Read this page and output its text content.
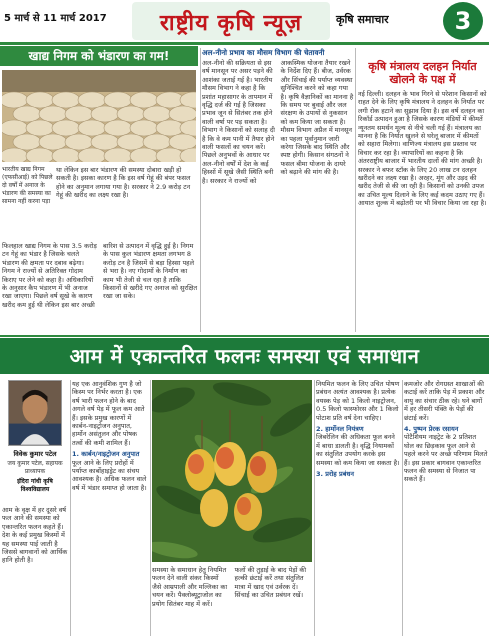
5 मार्च से 11 मार्च 2017	राष्ट्रीय कृषि न्यूज़	कृषि समाचार	3
खाद्य निगम को भंडारण का गम!
भारतीय खाद्य निगम (एफसीआई) को पिछले दो वर्षों में अनाज के भंडारण की समस्या का सामना नहीं करना पड़ा
था लेकिन इस बार भंडारण की समस्या दोबारा खड़ी हो सकती है। इसका कारण है कि इस वर्ष गेहूं की बंपर फसल होने का अनुमान लगाया गया है। सरकार ने 2.9 करोड़ टन गेहूं की खरीद का लक्ष्य रखा है।
फिलहाल खाद्य निगम के पास 3.5 करोड़ टन गेहूं का भंडार है जिसके चलते भंडारण की क्षमता पर दबाव बढ़ेगा। निगम ने राज्यों से अतिरिक्त गोदाम किराए पर लेने को कहा है। अधिकारियों के अनुसार कैप भंडारण में भी अनाज रखा जाएगा। पिछले वर्ष सूखे के कारण खरीद कम हुई थी लेकिन इस बार अच्छी बारिश से उत्पादन में वृद्धि हुई है। निगम के पास कुल भंडारण क्षमता लगभग 8 करोड़ टन है जिसमें से बड़ा हिस्सा पहले से भरा है। नए गोदामों के निर्माण का काम भी तेजी से चल रहा है ताकि किसानों से खरीदे गए अनाज को सुरक्षित रखा जा सके।
अल-नीनो प्रभाव का मौसम विभाग की चेतावनी
अल-नीनो की सक्रियता से इस वर्ष मानसून पर असर पड़ने की आशंका जताई गई है। भारतीय मौसम विभाग ने कहा है कि प्रशांत महासागर के तापमान में वृद्धि दर्ज की गई है जिसका प्रभाव जून से सितंबर तक होने वाली वर्षा पर पड़ सकता है। विभाग ने किसानों को सलाह दी है कि वे कम पानी में तैयार होने वाली फसलों का चयन करें। पिछले अनुभवों के आधार पर अल-नीनो वर्षों में देश के कई हिस्सों में सूखे जैसी स्थिति बनी है। सरकार ने राज्यों को आकस्मिक योजना तैयार रखने के निर्देश दिए हैं। बीज, उर्वरक और सिंचाई की पर्याप्त व्यवस्था सुनिश्चित करने को कहा गया है। कृषि वैज्ञानिकों का मानना है कि समय पर बुवाई और जल संरक्षण के उपायों से नुकसान को कम किया जा सकता है। मौसम विभाग अप्रैल में मानसून का पहला पूर्वानुमान जारी करेगा जिसके बाद स्थिति और स्पष्ट होगी। किसान संगठनों ने फसल बीमा योजना के दायरे को बढ़ाने की मांग की है।
कृषि मंत्रालय दलहन निर्यात खोलने के पक्ष में
नई दिल्ली। दलहन के भाव गिरने से परेशान किसानों को राहत देने के लिए कृषि मंत्रालय ने दलहन के निर्यात पर लगी रोक हटाने का सुझाव दिया है। इस वर्ष दलहन का रिकॉर्ड उत्पादन हुआ है जिसके कारण मंडियों में कीमतें न्यूनतम समर्थन मूल्य से नीचे चली गई हैं। मंत्रालय का मानना है कि निर्यात खुलने से घरेलू बाजार में कीमतों को सहारा मिलेगा। वाणिज्य मंत्रालय इस प्रस्ताव पर विचार कर रहा है। व्यापारियों का कहना है कि अंतरराष्ट्रीय बाजार में भारतीय दालों की मांग अच्छी है। सरकार ने बफर स्टॉक के लिए 20 लाख टन दलहन खरीदने का लक्ष्य रखा है। अरहर, मूंग और उड़द की खरीद तेजी से की जा रही है। किसानों को उनकी उपज का उचित मूल्य दिलाने के लिए कई कदम उठाए गए हैं। आयात शुल्क में बढ़ोतरी पर भी विचार किया जा रहा है।
आम में एकान्तरित फलनः समस्या एवं समाधान
विवेक कुमार पटेल
जय कुमार पटेल, सहायक प्राध्यापक
इंदिरा गांधी कृषि विश्वविद्यालय
आम के वृक्ष में हर दूसरे वर्ष फल आने की समस्या को एकान्तरित फलन कहते हैं। देश के कई प्रमुख किस्मों में यह समस्या पाई जाती है जिससे बागवानों को आर्थिक हानि होती है।
यह एक आनुवंशिक गुण है जो किस्म पर निर्भर करता है। एक वर्ष भारी फलन होने के बाद अगले वर्ष पेड़ में फूल कम आते हैं। इसके प्रमुख कारणों में कार्बन-नाइट्रोजन अनुपात, हार्मोन असंतुलन और पोषक तत्वों की कमी शामिल हैं।
1. कार्बन/नाइट्रोजन अनुपात
फूल आने के लिए प्ररोहों में पर्याप्त कार्बोहाइड्रेट का संचय आवश्यक है। अधिक फलन वाले वर्ष में भंडार समाप्त हो जाता है।
समस्या के समाधान हेतु नियमित फलन देने वाली संकर किस्मों जैसे आम्रपाली और मल्लिका का चयन करें। पैक्लोब्यूट्राजोल का प्रयोग सितंबर माह में करें।
फलों की तुड़ाई के बाद पेड़ों की हल्की छंटाई करें तथा संतुलित मात्रा में खाद एवं उर्वरक दें। सिंचाई का उचित प्रबंधन रखें।
नियमित फलन के लिए उचित पोषण प्रबंधन अत्यंत आवश्यक है। प्रत्येक वयस्क पेड़ को 1 किलो नाइट्रोजन, 0.5 किलो फास्फोरस और 1 किलो पोटाश प्रति वर्ष देना चाहिए।
2. हार्मोनल नियंत्रण
जिबरेलिन की अधिकता फूल बनने में बाधा डालती है। वृद्धि नियामकों का संतुलित उपयोग करके इस समस्या को कम किया जा सकता है।
3. प्ररोह प्रबंधन
कमजोर और रोगग्रस्त शाखाओं की कटाई करें ताकि पेड़ में प्रकाश और वायु का संचार ठीक रहे। घने बागों में हर तीसरी पंक्ति के पेड़ों की छंटाई करें।
4. पुष्पन प्रेरक रसायन
पोटैशियम नाइट्रेट के 2 प्रतिशत घोल का छिड़काव फूल आने से पहले करने पर अच्छे परिणाम मिलते हैं। इस प्रकार बागवान एकान्तरित फलन की समस्या से निजात पा सकते हैं।
